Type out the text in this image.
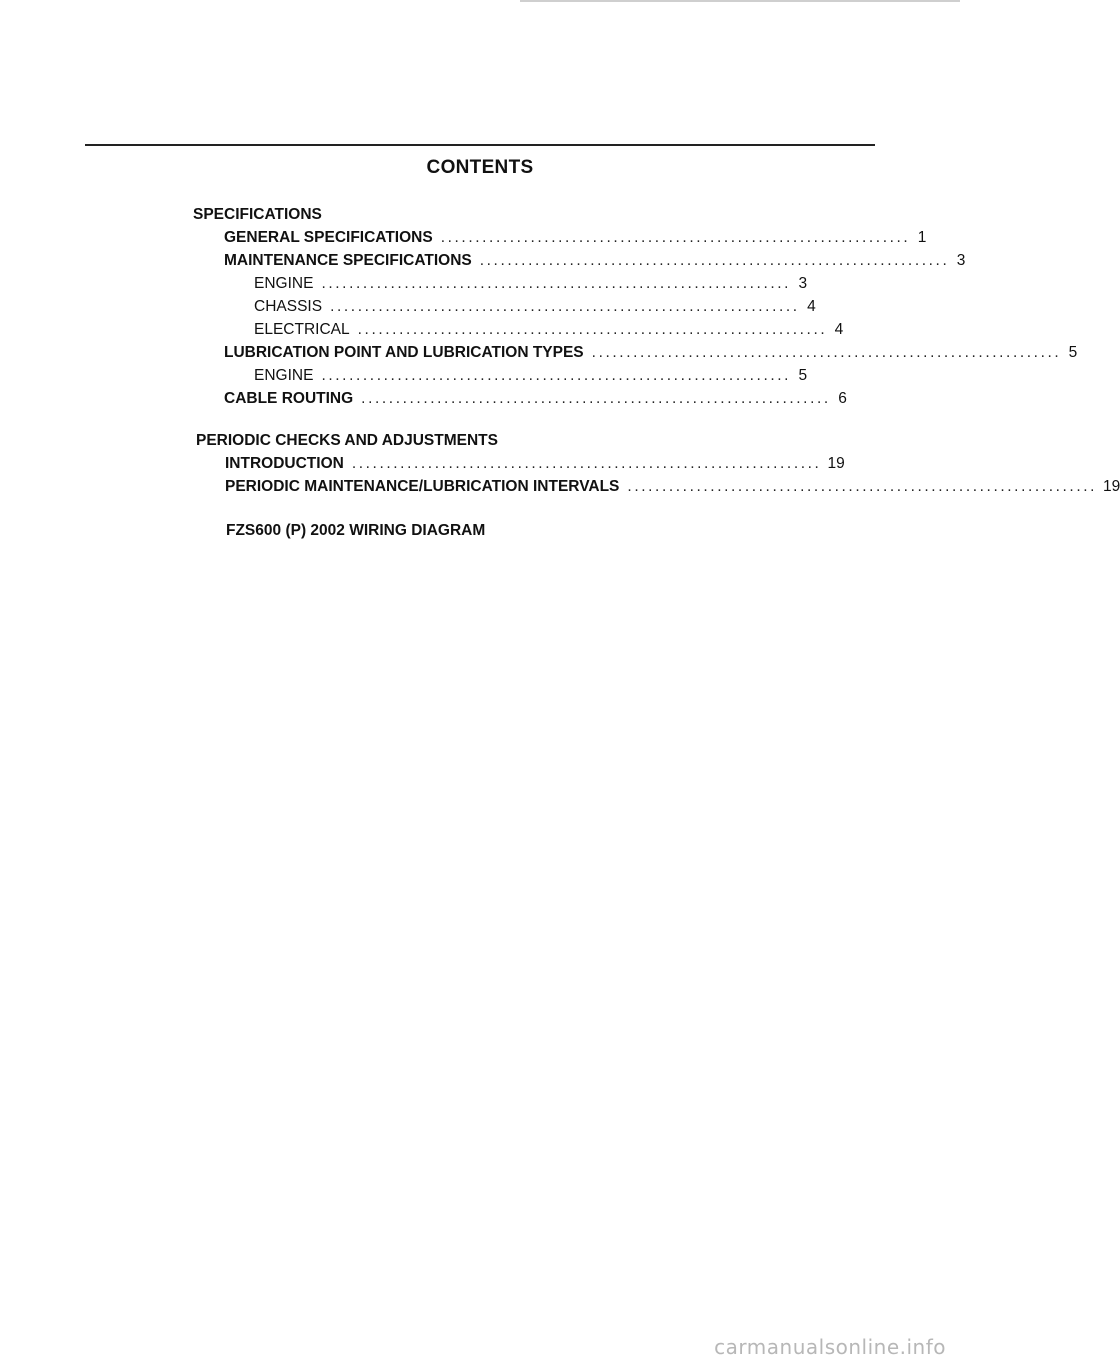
CONTENTS
SPECIFICATIONS
GENERAL SPECIFICATIONS .................................................................... 1
MAINTENANCE SPECIFICATIONS .................................................................... 3
ENGINE .................................................................... 3
CHASSIS .................................................................... 4
ELECTRICAL .................................................................... 4
LUBRICATION POINT AND LUBRICATION TYPES .................................................................... 5
ENGINE .................................................................... 5
CABLE ROUTING .................................................................... 6
PERIODIC CHECKS AND ADJUSTMENTS
INTRODUCTION .................................................................... 19
PERIODIC MAINTENANCE/LUBRICATION INTERVALS .................................................................... 19
FZS600 (P) 2002 WIRING DIAGRAM
carmanualsonline.info
